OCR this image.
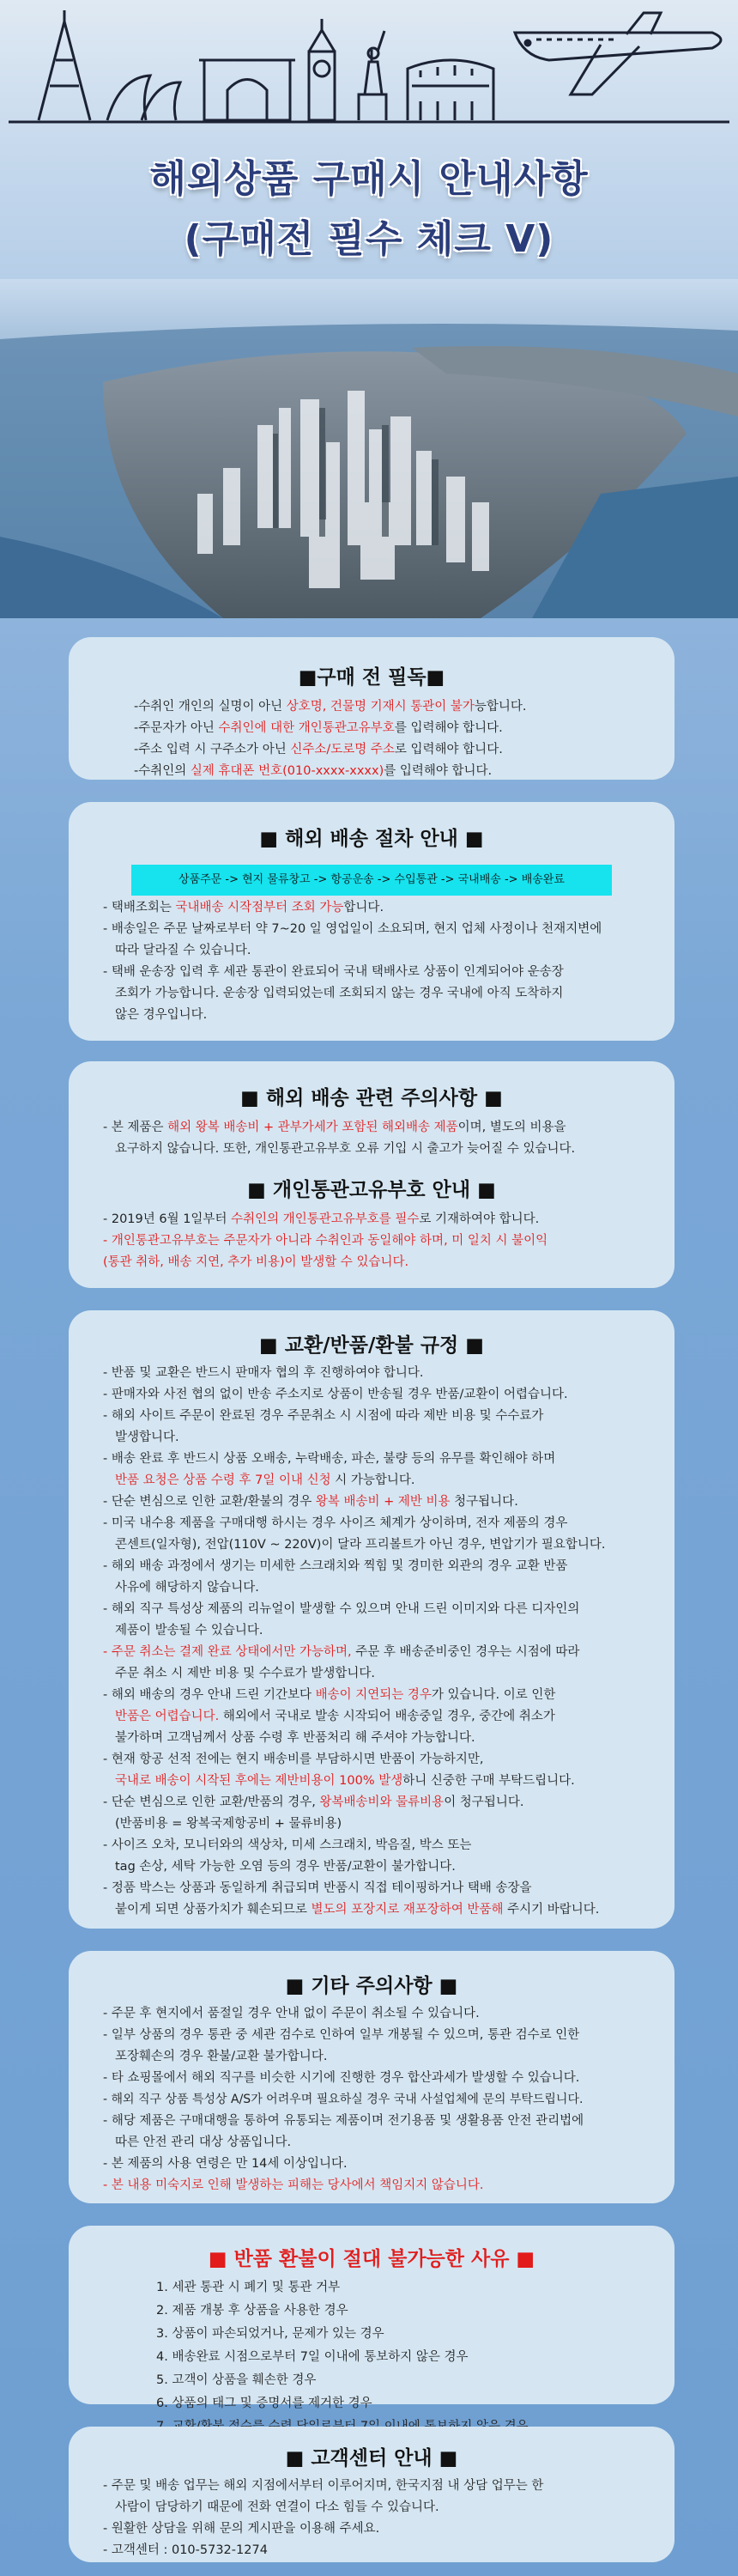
해외상품 구매시 안내사항
(구매전 필수 체크 V)
■구매 전 필독■
-수취인 개인의 실명이 아닌 상호명, 건물명 기재시 통관이 불가능합니다.
-주문자가 아닌 수취인에 대한 개인통관고유부호를 입력해야 합니다.
-주소 입력 시 구주소가 아닌 신주소/도로명 주소로 입력해야 합니다.
-수취인의 실제 휴대폰 번호(010-xxxx-xxxx)를 입력해야 합니다.
■ 해외 배송 절차 안내 ■
상품주문 -> 현지 물류창고 -> 항공운송 -> 수입통관 -> 국내배송 -> 배송완료
- 택배조회는 국내배송 시작점부터 조회 가능합니다.
- 배송일은 주문 날짜로부터 약 7~20 일 영업일이 소요되며, 현지 업체 사정이나 천재지변에
따라 달라질 수 있습니다.
- 택배 운송장 입력 후 세관 통관이 완료되어 국내 택배사로 상품이 인계되어야 운송장
조회가 가능합니다. 운송장 입력되었는데 조회되지 않는 경우 국내에 아직 도착하지
않은 경우입니다.
■ 해외 배송 관련 주의사항 ■
- 본 제품은 해외 왕복 배송비 + 관부가세가 포함된 해외배송 제품이며, 별도의 비용을
요구하지 않습니다. 또한, 개인통관고유부호 오류 기입 시 출고가 늦어질 수 있습니다.
■ 개인통관고유부호 안내 ■
- 2019년 6월 1일부터 수취인의 개인통관고유부호를 필수로 기재하여야 합니다.
- 개인통관고유부호는 주문자가 아니라 수취인과 동일해야 하며, 미 일치 시 불이익
(통관 취하, 배송 지연, 추가 비용)이 발생할 수 있습니다.
■ 교환/반품/환불 규정 ■
- 반품 및 교환은 반드시 판매자 협의 후 진행하여야 합니다.
- 판매자와 사전 협의 없이 반송 주소지로 상품이 반송될 경우 반품/교환이 어렵습니다.
- 해외 사이트 주문이 완료된 경우 주문취소 시 시점에 따라 제반 비용 및 수수료가
발생합니다.
- 배송 완료 후 반드시 상품 오배송, 누락배송, 파손, 불량 등의 유무를 확인해야 하며
반품 요청은 상품 수령 후 7일 이내 신청 시 가능합니다.
- 단순 변심으로 인한 교환/환불의 경우 왕복 배송비 + 제반 비용 청구됩니다.
- 미국 내수용 제품을 구매대행 하시는 경우 사이즈 체계가 상이하며, 전자 제품의 경우
콘센트(일자형), 전압(110V ~ 220V)이 달라 프리볼트가 아닌 경우, 변압기가 필요합니다.
- 해외 배송 과정에서 생기는 미세한 스크래치와 찍힘 및 경미한 외관의 경우 교환 반품
사유에 해당하지 않습니다.
- 해외 직구 특성상 제품의 리뉴얼이 발생할 수 있으며 안내 드린 이미지와 다른 디자인의
제품이 발송될 수 있습니다.
- 주문 취소는 결제 완료 상태에서만 가능하며, 주문 후 배송준비중인 경우는 시점에 따라
주문 취소 시 제반 비용 및 수수료가 발생합니다.
- 해외 배송의 경우 안내 드린 기간보다 배송이 지연되는 경우가 있습니다. 이로 인한
반품은 어렵습니다. 해외에서 국내로 발송 시작되어 배송중일 경우, 중간에 취소가
불가하며 고객님께서 상품 수령 후 반품처리 해 주셔야 가능합니다.
- 현재 항공 선적 전에는 현지 배송비를 부담하시면 반품이 가능하지만,
국내로 배송이 시작된 후에는 제반비용이 100% 발생하니 신중한 구매 부탁드립니다.
- 단순 변심으로 인한 교환/반품의 경우, 왕복배송비와 물류비용이 청구됩니다.
(반품비용 = 왕복국제항공비 + 물류비용)
- 사이즈 오차, 모니터와의 색상차, 미세 스크래치, 박음질, 박스 또는
tag 손상, 세탁 가능한 오염 등의 경우 반품/교환이 불가합니다.
- 정품 박스는 상품과 동일하게 취급되며 반품시 직접 테이핑하거나 택배 송장을
붙이게 되면 상품가치가 훼손되므로 별도의 포장지로 재포장하여 반품해 주시기 바랍니다.
■ 기타 주의사항 ■
- 주문 후 현지에서 품절일 경우 안내 없이 주문이 취소될 수 있습니다.
- 일부 상품의 경우 통관 중 세관 검수로 인하여 일부 개봉될 수 있으며, 통관 검수로 인한
포장훼손의 경우 환불/교환 불가합니다.
- 타 쇼핑몰에서 해외 직구를 비슷한 시기에 진행한 경우 합산과세가 발생할 수 있습니다.
- 해외 직구 상품 특성상 A/S가 어려우며 필요하실 경우 국내 사설업체에 문의 부탁드립니다.
- 해당 제품은 구매대행을 통하여 유통되는 제품이며 전기용품 및 생활용품 안전 관리법에
따른 안전 관리 대상 상품입니다.
- 본 제품의 사용 연령은 만 14세 이상입니다.
- 본 내용 미숙지로 인해 발생하는 피해는 당사에서 책임지지 않습니다.
■ 반품 환불이 절대 불가능한 사유 ■
1. 세관 통관 시 폐기 및 통관 거부
2. 제품 개봉 후 상품을 사용한 경우
3. 상품이 파손되었거나, 문제가 있는 경우
4. 배송완료 시점으로부터 7일 이내에 통보하지 않은 경우
5. 고객이 상품을 훼손한 경우
6. 상품의 태그 및 증명서를 제거한 경우
■ 고객센터 안내 ■
- 주문 및 배송 업무는 해외 지점에서부터 이루어지며, 한국지점 내 상담 업무는 한
사람이 담당하기 때문에 전화 연결이 다소 힘들 수 있습니다.
- 원활한 상담을 위해 문의 게시판을 이용해 주세요.
- 고객센터 : 010-5732-1274
